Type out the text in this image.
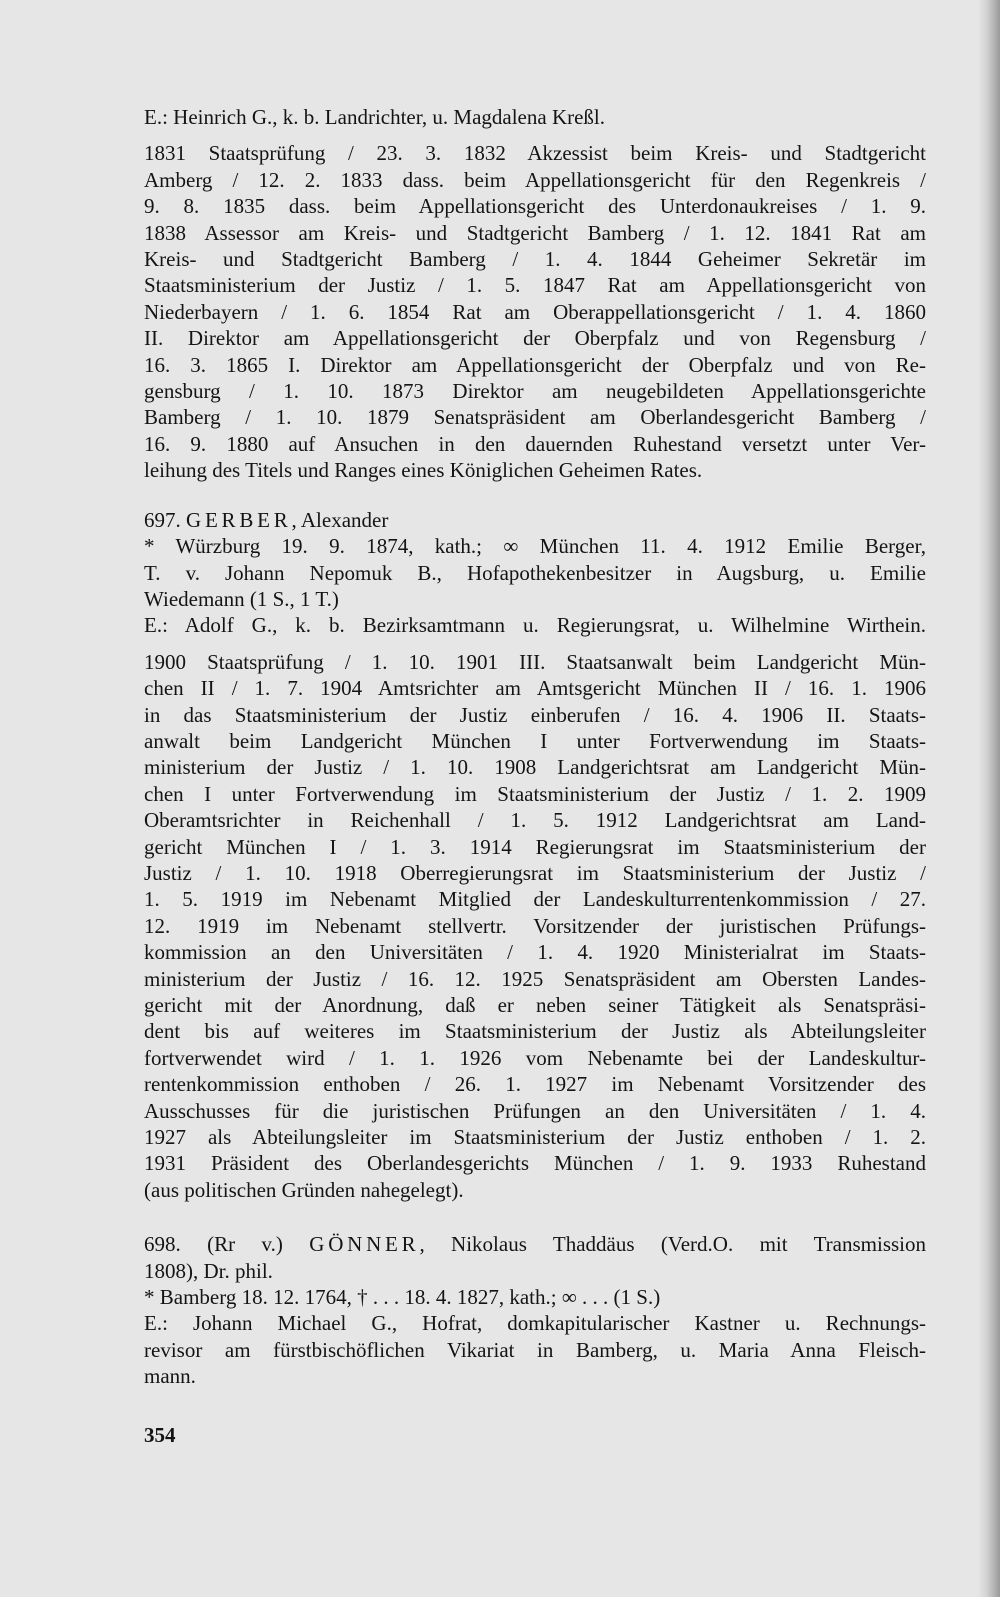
E.: Heinrich G., k. b. Landrichter, u. Magdalena Kreßl.
1831 Staatsprüfung / 23. 3. 1832 Akzessist beim Kreis- und Stadtgericht
Amberg / 12. 2. 1833 dass. beim Appellationsgericht für den Regenkreis /
9. 8. 1835 dass. beim Appellationsgericht des Unterdonaukreises / 1. 9.
1838 Assessor am Kreis- und Stadtgericht Bamberg / 1. 12. 1841 Rat am
Kreis- und Stadtgericht Bamberg / 1. 4. 1844 Geheimer Sekretär im
Staatsministerium der Justiz / 1. 5. 1847 Rat am Appellationsgericht von
Niederbayern / 1. 6. 1854 Rat am Oberappellationsgericht / 1. 4. 1860
II. Direktor am Appellationsgericht der Oberpfalz und von Regensburg /
16. 3. 1865 I. Direktor am Appellationsgericht der Oberpfalz und von Re-
gensburg / 1. 10. 1873 Direktor am neugebildeten Appellationsgerichte
Bamberg / 1. 10. 1879 Senatspräsident am Oberlandesgericht Bamberg /
16. 9. 1880 auf Ansuchen in den dauernden Ruhestand versetzt unter Ver-
leihung des Titels und Ranges eines Königlichen Geheimen Rates.
697. GERBER, Alexander
* Würzburg 19. 9. 1874, kath.; ∞ München 11. 4. 1912 Emilie Berger,
T. v. Johann Nepomuk B., Hofapothekenbesitzer in Augsburg, u. Emilie
Wiedemann (1 S., 1 T.)
E.: Adolf G., k. b. Bezirksamtmann u. Regierungsrat, u. Wilhelmine Wirthein.
1900 Staatsprüfung / 1. 10. 1901 III. Staatsanwalt beim Landgericht Mün-
chen II / 1. 7. 1904 Amtsrichter am Amtsgericht München II / 16. 1. 1906
in das Staatsministerium der Justiz einberufen / 16. 4. 1906 II. Staats-
anwalt beim Landgericht München I unter Fortverwendung im Staats-
ministerium der Justiz / 1. 10. 1908 Landgerichtsrat am Landgericht Mün-
chen I unter Fortverwendung im Staatsministerium der Justiz / 1. 2. 1909
Oberamtsrichter in Reichenhall / 1. 5. 1912 Landgerichtsrat am Land-
gericht München I / 1. 3. 1914 Regierungsrat im Staatsministerium der
Justiz / 1. 10. 1918 Oberregierungsrat im Staatsministerium der Justiz /
1. 5. 1919 im Nebenamt Mitglied der Landeskulturrentenkommission / 27.
12. 1919 im Nebenamt stellvertr. Vorsitzender der juristischen Prüfungs-
kommission an den Universitäten / 1. 4. 1920 Ministerialrat im Staats-
ministerium der Justiz / 16. 12. 1925 Senatspräsident am Obersten Landes-
gericht mit der Anordnung, daß er neben seiner Tätigkeit als Senatspräsi-
dent bis auf weiteres im Staatsministerium der Justiz als Abteilungsleiter
fortverwendet wird / 1. 1. 1926 vom Nebenamte bei der Landeskultur-
rentenkommission enthoben / 26. 1. 1927 im Nebenamt Vorsitzender des
Ausschusses für die juristischen Prüfungen an den Universitäten / 1. 4.
1927 als Abteilungsleiter im Staatsministerium der Justiz enthoben / 1. 2.
1931 Präsident des Oberlandesgerichts München / 1. 9. 1933 Ruhestand
(aus politischen Gründen nahegelegt).
698. (Rr v.) GÖNNER, Nikolaus Thaddäus (Verd.O. mit Transmission
1808), Dr. phil.
* Bamberg 18. 12. 1764, † . . . 18. 4. 1827, kath.; ∞ . . . (1 S.)
E.: Johann Michael G., Hofrat, domkapitularischer Kastner u. Rechnungs-
revisor am fürstbischöflichen Vikariat in Bamberg, u. Maria Anna Fleisch-
mann.
354
